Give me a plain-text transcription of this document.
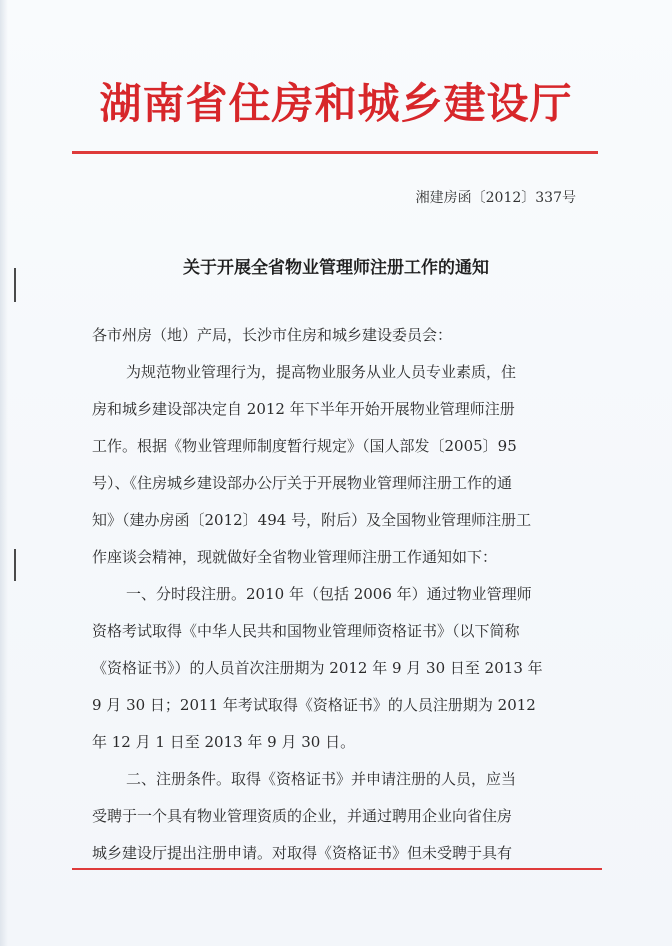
湖南省住房和城乡建设厅
湘建房函〔2012〕337号
关于开展全省物业管理师注册工作的通知
各市州房（地）产局，长沙市住房和城乡建设委员会：
为规范物业管理行为，提高物业服务从业人员专业素质，住
房和城乡建设部决定自 2012 年下半年开始开展物业管理师注册
工作。根据《物业管理师制度暂行规定》（国人部发〔2005〕95
号）、《住房城乡建设部办公厅关于开展物业管理师注册工作的通
知》（建办房函〔2012〕494 号，附后）及全国物业管理师注册工
作座谈会精神，现就做好全省物业管理师注册工作通知如下：
一、分时段注册。2010 年（包括 2006 年）通过物业管理师
资格考试取得《中华人民共和国物业管理师资格证书》（以下简称
《资格证书》）的人员首次注册期为 2012 年 9 月 30 日至 2013 年
9 月 30 日；2011 年考试取得《资格证书》的人员注册期为 2012
年 12 月 1 日至 2013 年 9 月 30 日。
二、注册条件。取得《资格证书》并申请注册的人员，应当
受聘于一个具有物业管理资质的企业，并通过聘用企业向省住房
城乡建设厅提出注册申请。对取得《资格证书》但未受聘于具有
